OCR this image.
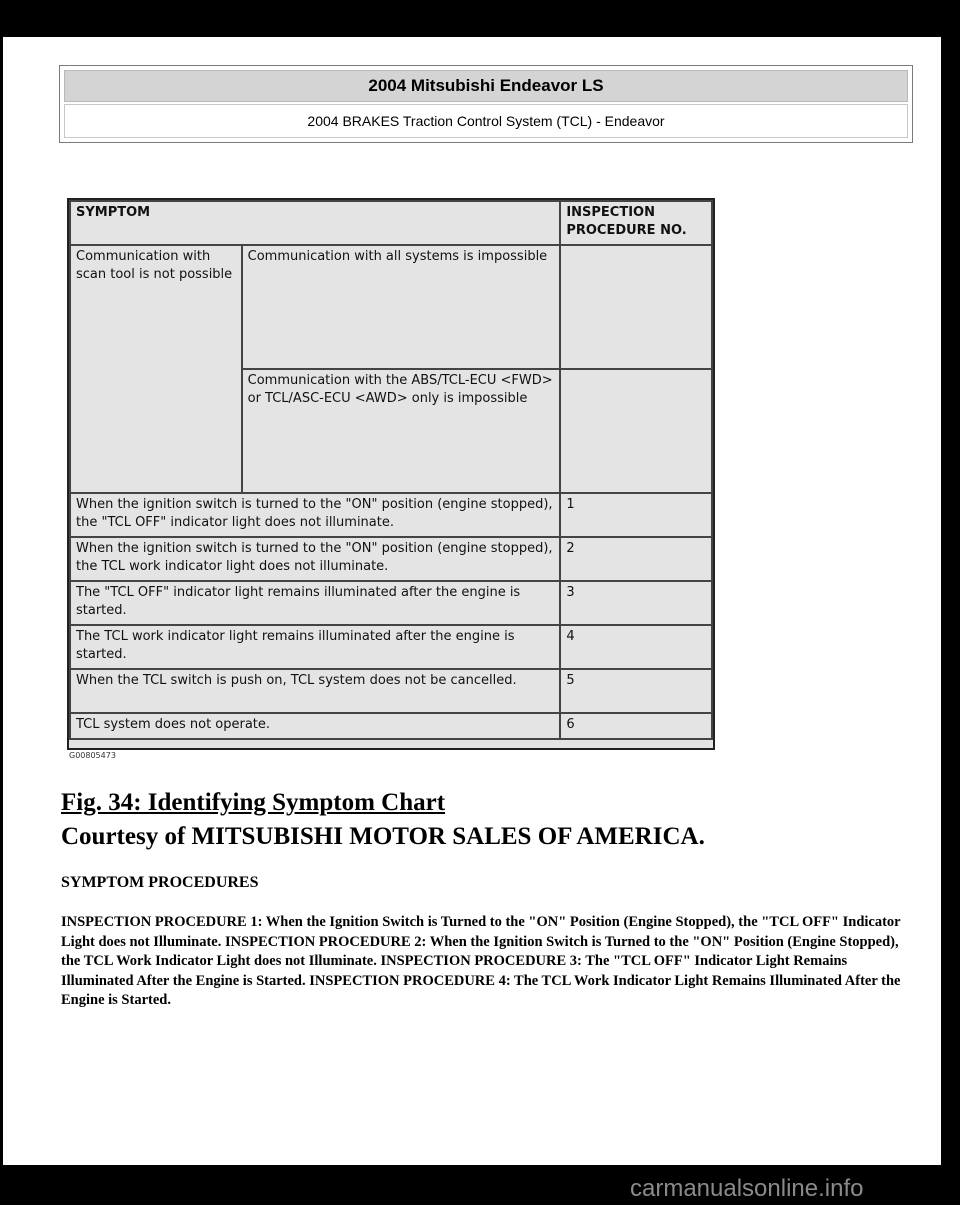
2004 Mitsubishi Endeavor LS
2004 BRAKES Traction Control System (TCL) - Endeavor
SYMPTOM		INSPECTION PROCEDURE NO.
Communication with scan tool is not possible	Communication with all systems is impossible	
	Communication with the ABS/TCL-ECU <FWD> or TCL/ASC-ECU <AWD> only is impossible	
When the ignition switch is turned to the "ON" position (engine stopped), the "TCL OFF" indicator light does not illuminate.		1
When the ignition switch is turned to the "ON" position (engine stopped), the TCL work indicator light does not illuminate.		2
The "TCL OFF" indicator light remains illuminated after the engine is started.		3
The TCL work indicator light remains illuminated after the engine is started.		4
When the TCL switch is push on, TCL system does not be cancelled.		5
TCL system does not operate.		6
G00805473
Fig. 34: Identifying Symptom Chart
Courtesy of MITSUBISHI MOTOR SALES OF AMERICA.
SYMPTOM PROCEDURES

INSPECTION PROCEDURE 1: When the Ignition Switch is Turned to the "ON" Position (Engine Stopped), the "TCL OFF" Indicator Light does not Illuminate. INSPECTION PROCEDURE 2: When the Ignition Switch is Turned to the "ON" Position (Engine Stopped), the TCL Work Indicator Light does not Illuminate. INSPECTION PROCEDURE 3: The "TCL OFF" Indicator Light Remains Illuminated After the Engine is Started. INSPECTION PROCEDURE 4: The TCL Work Indicator Light Remains Illuminated After the Engine is Started.

carmanualsonline.info
